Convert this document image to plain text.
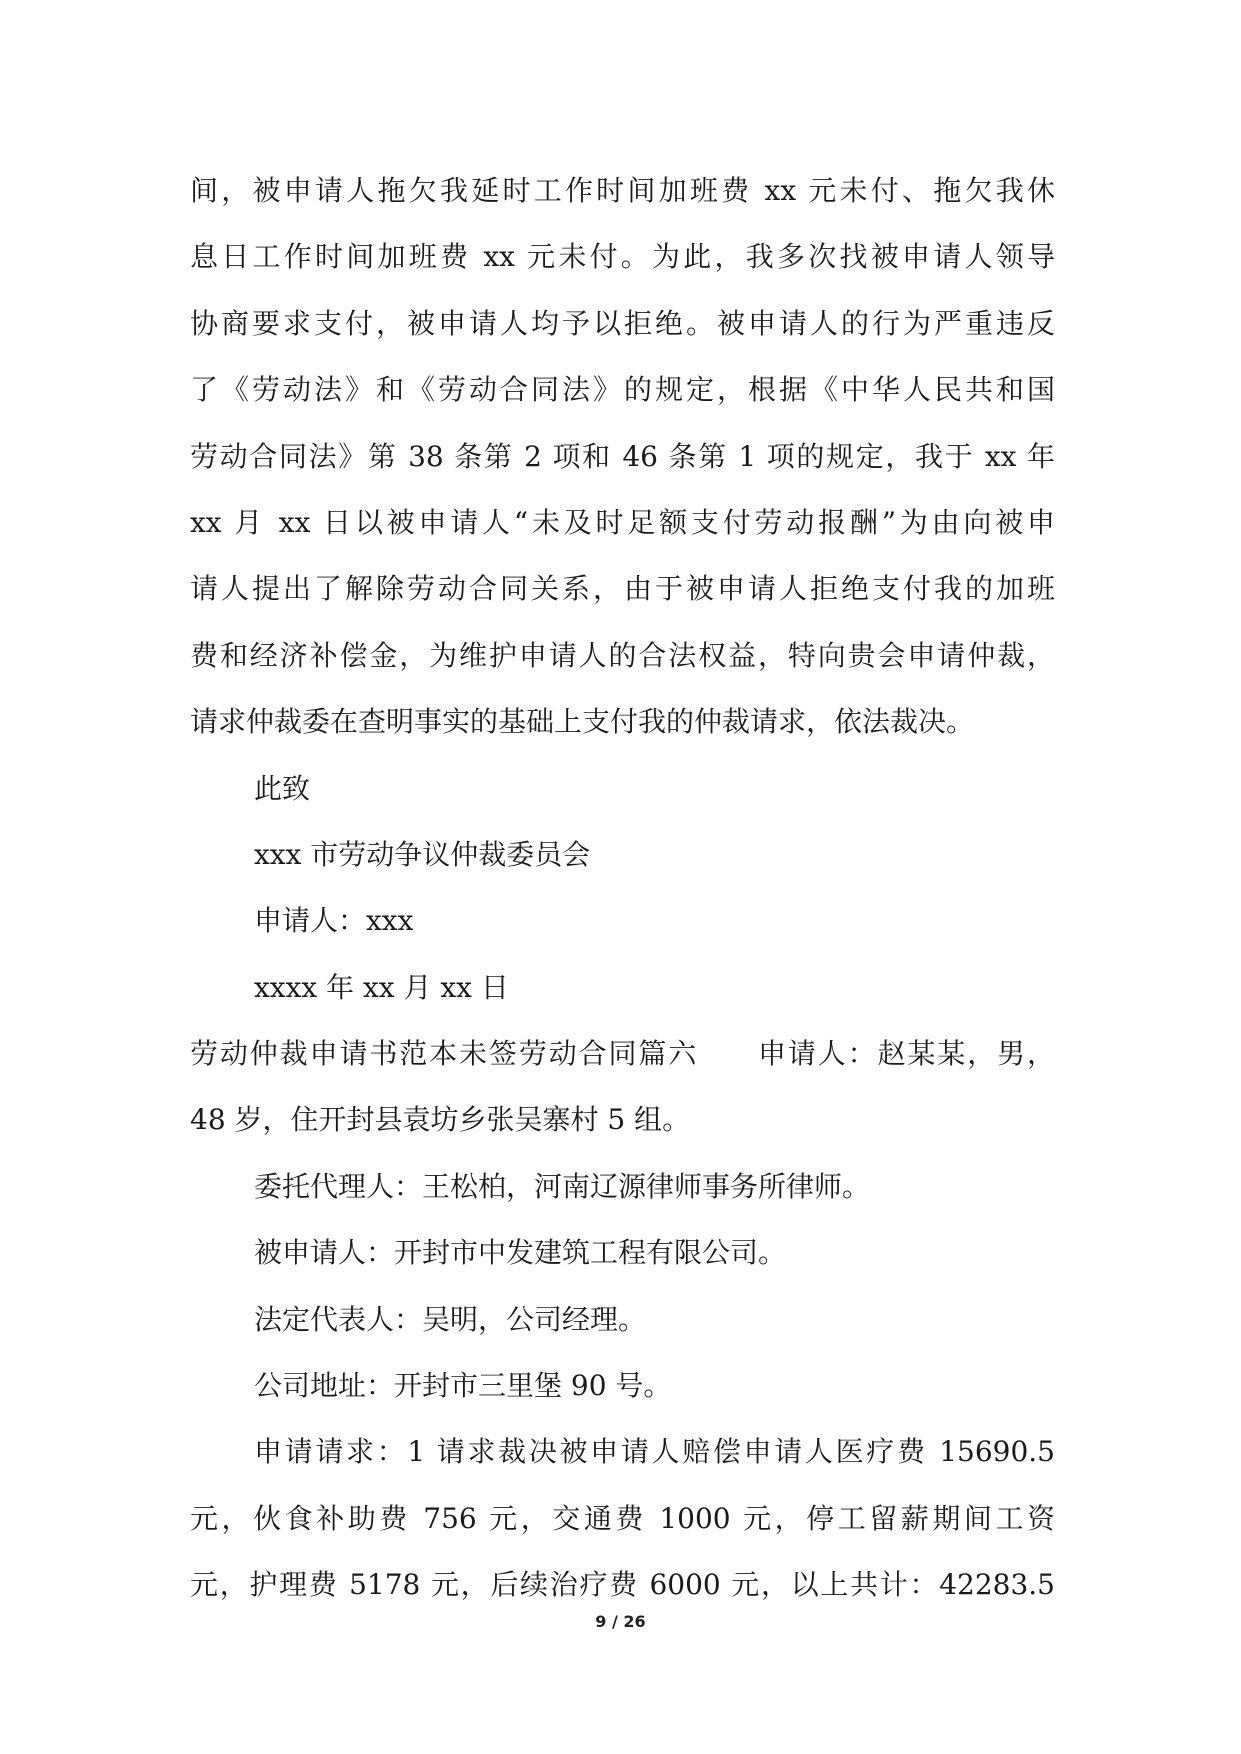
间，被申请人拖欠我延时工作时间加班费 xx 元未付、拖欠我休
息日工作时间加班费 xx 元未付。为此，我多次找被申请人领导
协商要求支付，被申请人均予以拒绝。被申请人的行为严重违反
了《劳动法》和《劳动合同法》的规定，根据《中华人民共和国
劳动合同法》第 38 条第 2 项和 46 条第 1 项的规定，我于 xx 年
xx 月 xx 日以被申请人“未及时足额支付劳动报酬”为由向被申
请人提出了解除劳动合同关系，由于被申请人拒绝支付我的加班
费和经济补偿金，为维护申请人的合法权益，特向贵会申请仲裁，
请求仲裁委在查明事实的基础上支付我的仲裁请求，依法裁决。
此致
xxx 市劳动争议仲裁委员会
申请人：xxx
xxxx 年 xx 月 xx 日
劳动仲裁申请书范本未签劳动合同篇六　　申请人：赵某某，男，
48 岁，住开封县袁坊乡张吴寨村 5 组。
委托代理人：王松柏，河南辽源律师事务所律师。
被申请人：开封市中发建筑工程有限公司。
法定代表人：吴明，公司经理。
公司地址：开封市三里堡 90 号。
申请请求：1 请求裁决被申请人赔偿申请人医疗费 15690.5
元，伙食补助费 756 元，交通费 1000 元，停工留薪期间工资
元，护理费 5178 元，后续治疗费 6000 元，以上共计：42283.5
9 / 26
